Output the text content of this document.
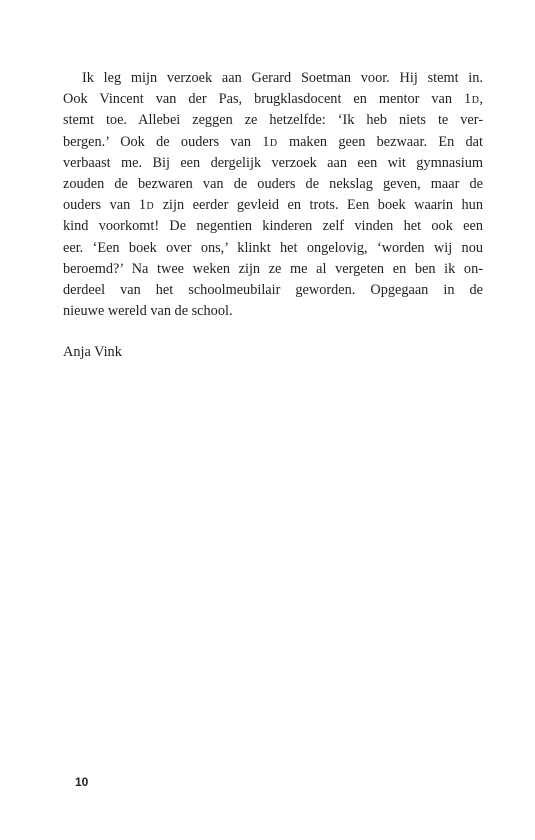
Ik leg mijn verzoek aan Gerard Soetman voor. Hij stemt in.
Ook Vincent van der Pas, brugklasdocent en mentor van 1d,
stemt toe. Allebei zeggen ze hetzelfde: ‘Ik heb niets te ver-
bergen.’ Ook de ouders van 1d maken geen bezwaar. En dat
verbaast me. Bij een dergelijk verzoek aan een wit gymnasium
zouden de bezwaren van de ouders de nekslag geven, maar de
ouders van 1d zijn eerder gevleid en trots. Een boek waarin hun
kind voorkomt! De negentien kinderen zelf vinden het ook een
eer. ‘Een boek over ons,’ klinkt het ongelovig, ‘worden wij nou
beroemd?’ Na twee weken zijn ze me al vergeten en ben ik on-
derdeel van het schoolmeubilair geworden. Opgegaan in de
nieuwe wereld van de school.
Anja Vink
10
